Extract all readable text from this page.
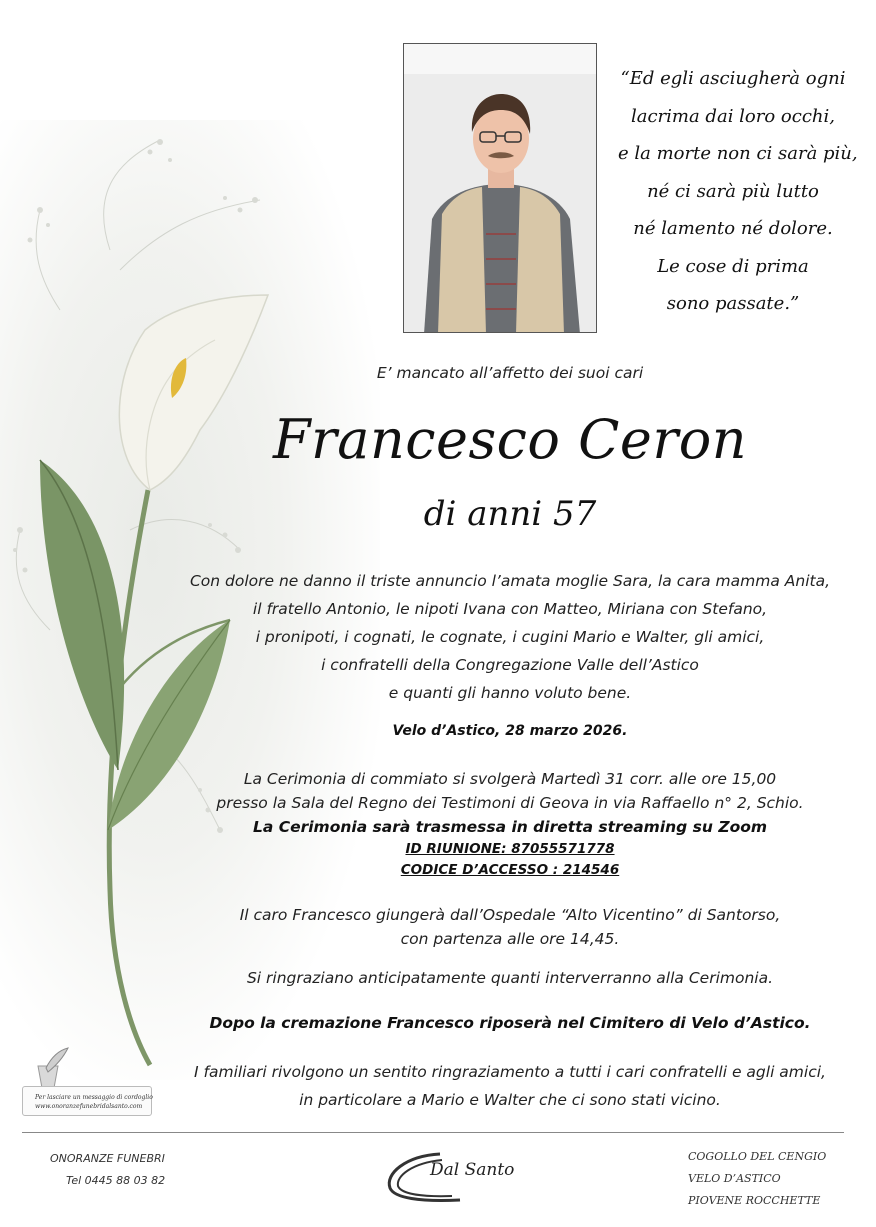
“Ed egli asciugherà ogni
lacrima dai loro occhi,
e la morte non ci sarà più,
né ci sarà più lutto
né lamento né dolore.
Le cose di prima
sono passate.”
E’ mancato all’affetto dei suoi cari
Francesco Ceron
di anni 57
Con dolore ne danno il triste annuncio l’amata moglie Sara, la cara mamma Anita,
il fratello Antonio, le nipoti Ivana con Matteo, Miriana con Stefano,
i pronipoti, i cognati, le cognate, i cugini Mario e Walter, gli amici,
i confratelli della Congregazione Valle dell’Astico
e quanti gli hanno voluto bene.
Velo d’Astico, 28 marzo 2026.
La Cerimonia di commiato si svolgerà Martedì 31 corr. alle ore 15,00
presso la Sala del Regno dei Testimoni di Geova in via Raffaello n° 2, Schio.
La Cerimonia sarà trasmessa in diretta streaming su Zoom
ID RIUNIONE: 87055571778
CODICE D’ACCESSO : 214546
Il caro Francesco giungerà dall’Ospedale “Alto Vicentino” di Santorso,
con partenza alle ore 14,45.
Si ringraziano anticipatamente quanti interverranno alla Cerimonia.
Dopo la cremazione Francesco riposerà nel Cimitero di Velo d’Astico.
I familiari rivolgono un sentito ringraziamento a tutti i cari confratelli e agli amici,
in particolare a Mario e Walter che ci sono stati vicino.
Per lasciare un messaggio di cordoglio
www.onoranzefunebridalsanto.com
ONORANZE FUNEBRI
Tel 0445 88 03 82
Dal Santo
COGOLLO DEL CENGIO
VELO D’ASTICO
PIOVENE ROCCHETTE
